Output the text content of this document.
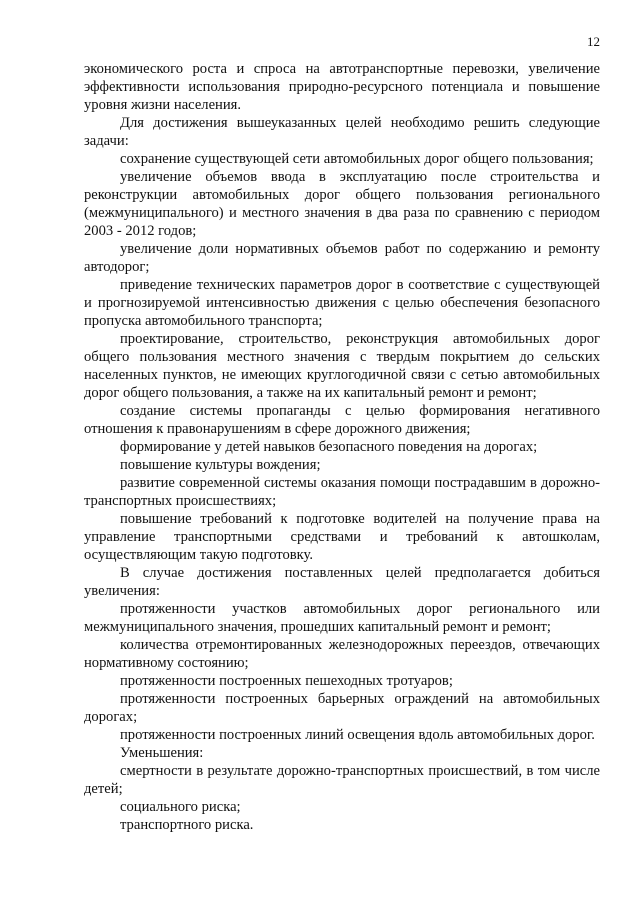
12

экономического роста и спроса на автотранспортные перевозки, увеличение эффективности использования природно-ресурсного потенциала и повышение уровня жизни населения.

Для достижения вышеуказанных целей необходимо решить следующие задачи:

сохранение существующей сети автомобильных дорог общего пользования;

увеличение объемов ввода в эксплуатацию после строительства и реконструкции автомобильных дорог общего пользования регионального (межмуниципального) и местного значения в два раза по сравнению с периодом 2003 - 2012 годов;

увеличение доли нормативных объемов работ по содержанию и ремонту автодорог;

приведение технических параметров дорог в соответствие с существующей и прогнозируемой интенсивностью движения с целью обеспечения безопасного пропуска автомобильного транспорта;

проектирование, строительство, реконструкция автомобильных дорог общего пользования местного значения с твердым покрытием до сельских населенных пунктов, не имеющих круглогодичной связи с сетью автомобильных дорог общего пользования, а также на их капитальный ремонт и ремонт;

создание системы пропаганды с целью формирования негативного отношения к правонарушениям в сфере дорожного движения;

формирование у детей навыков безопасного поведения на дорогах;

повышение культуры вождения;

развитие современной системы оказания помощи пострадавшим в дорожно-транспортных происшествиях;

повышение требований к подготовке водителей на получение права на управление транспортными средствами и требований к автошколам, осуществляющим такую подготовку.

В случае достижения поставленных целей предполагается добиться увеличения:

протяженности участков автомобильных дорог регионального или межмуниципального значения, прошедших капитальный ремонт и ремонт;

количества отремонтированных железнодорожных переездов, отвечающих нормативному состоянию;

протяженности построенных пешеходных тротуаров;

протяженности построенных барьерных ограждений на автомобильных дорогах;

протяженности построенных линий освещения вдоль автомобильных дорог.

Уменьшения:

смертности в результате дорожно-транспортных происшествий, в том числе детей;

социального риска;

транспортного риска.
